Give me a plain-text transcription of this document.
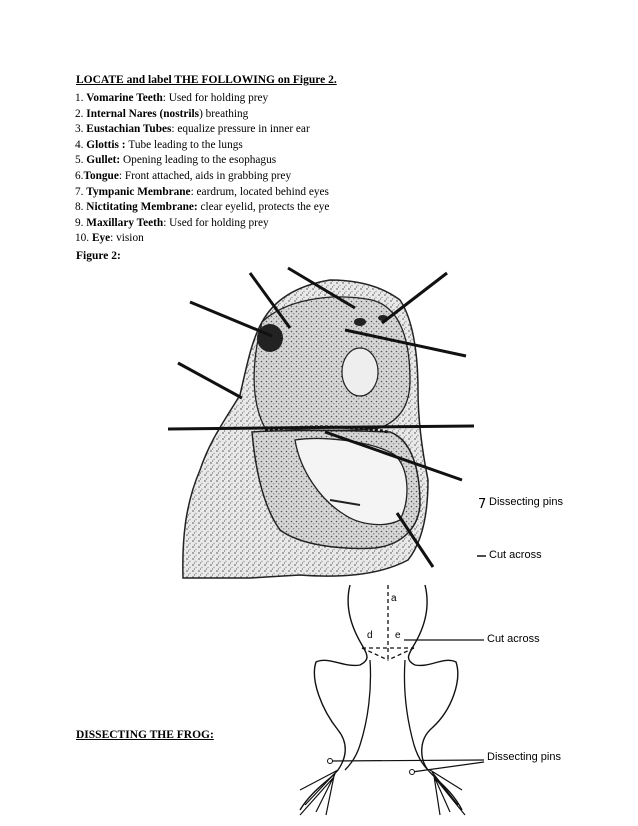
LOCATE and label THE FOLLOWING on Figure 2.
1. Vomarine Teeth: Used for holding prey
2. Internal Nares (nostrils) breathing
3. Eustachian Tubes: equalize pressure in inner ear
4. Glottis : Tube leading to the lungs
5. Gullet: Opening leading to the esophagus
6.Tongue: Front attached, aids in grabbing prey
7. Tympanic Membrane: eardrum, located behind eyes
8. Nictitating Membrane: clear eyelid, protects the eye
9. Maxillary Teeth: Used for holding prey
10. Eye: vision
Figure 2:
7 Dissecting pins
Cut across
a
d e	Cut across
Dissecting pins
DISSECTING THE FROG:
